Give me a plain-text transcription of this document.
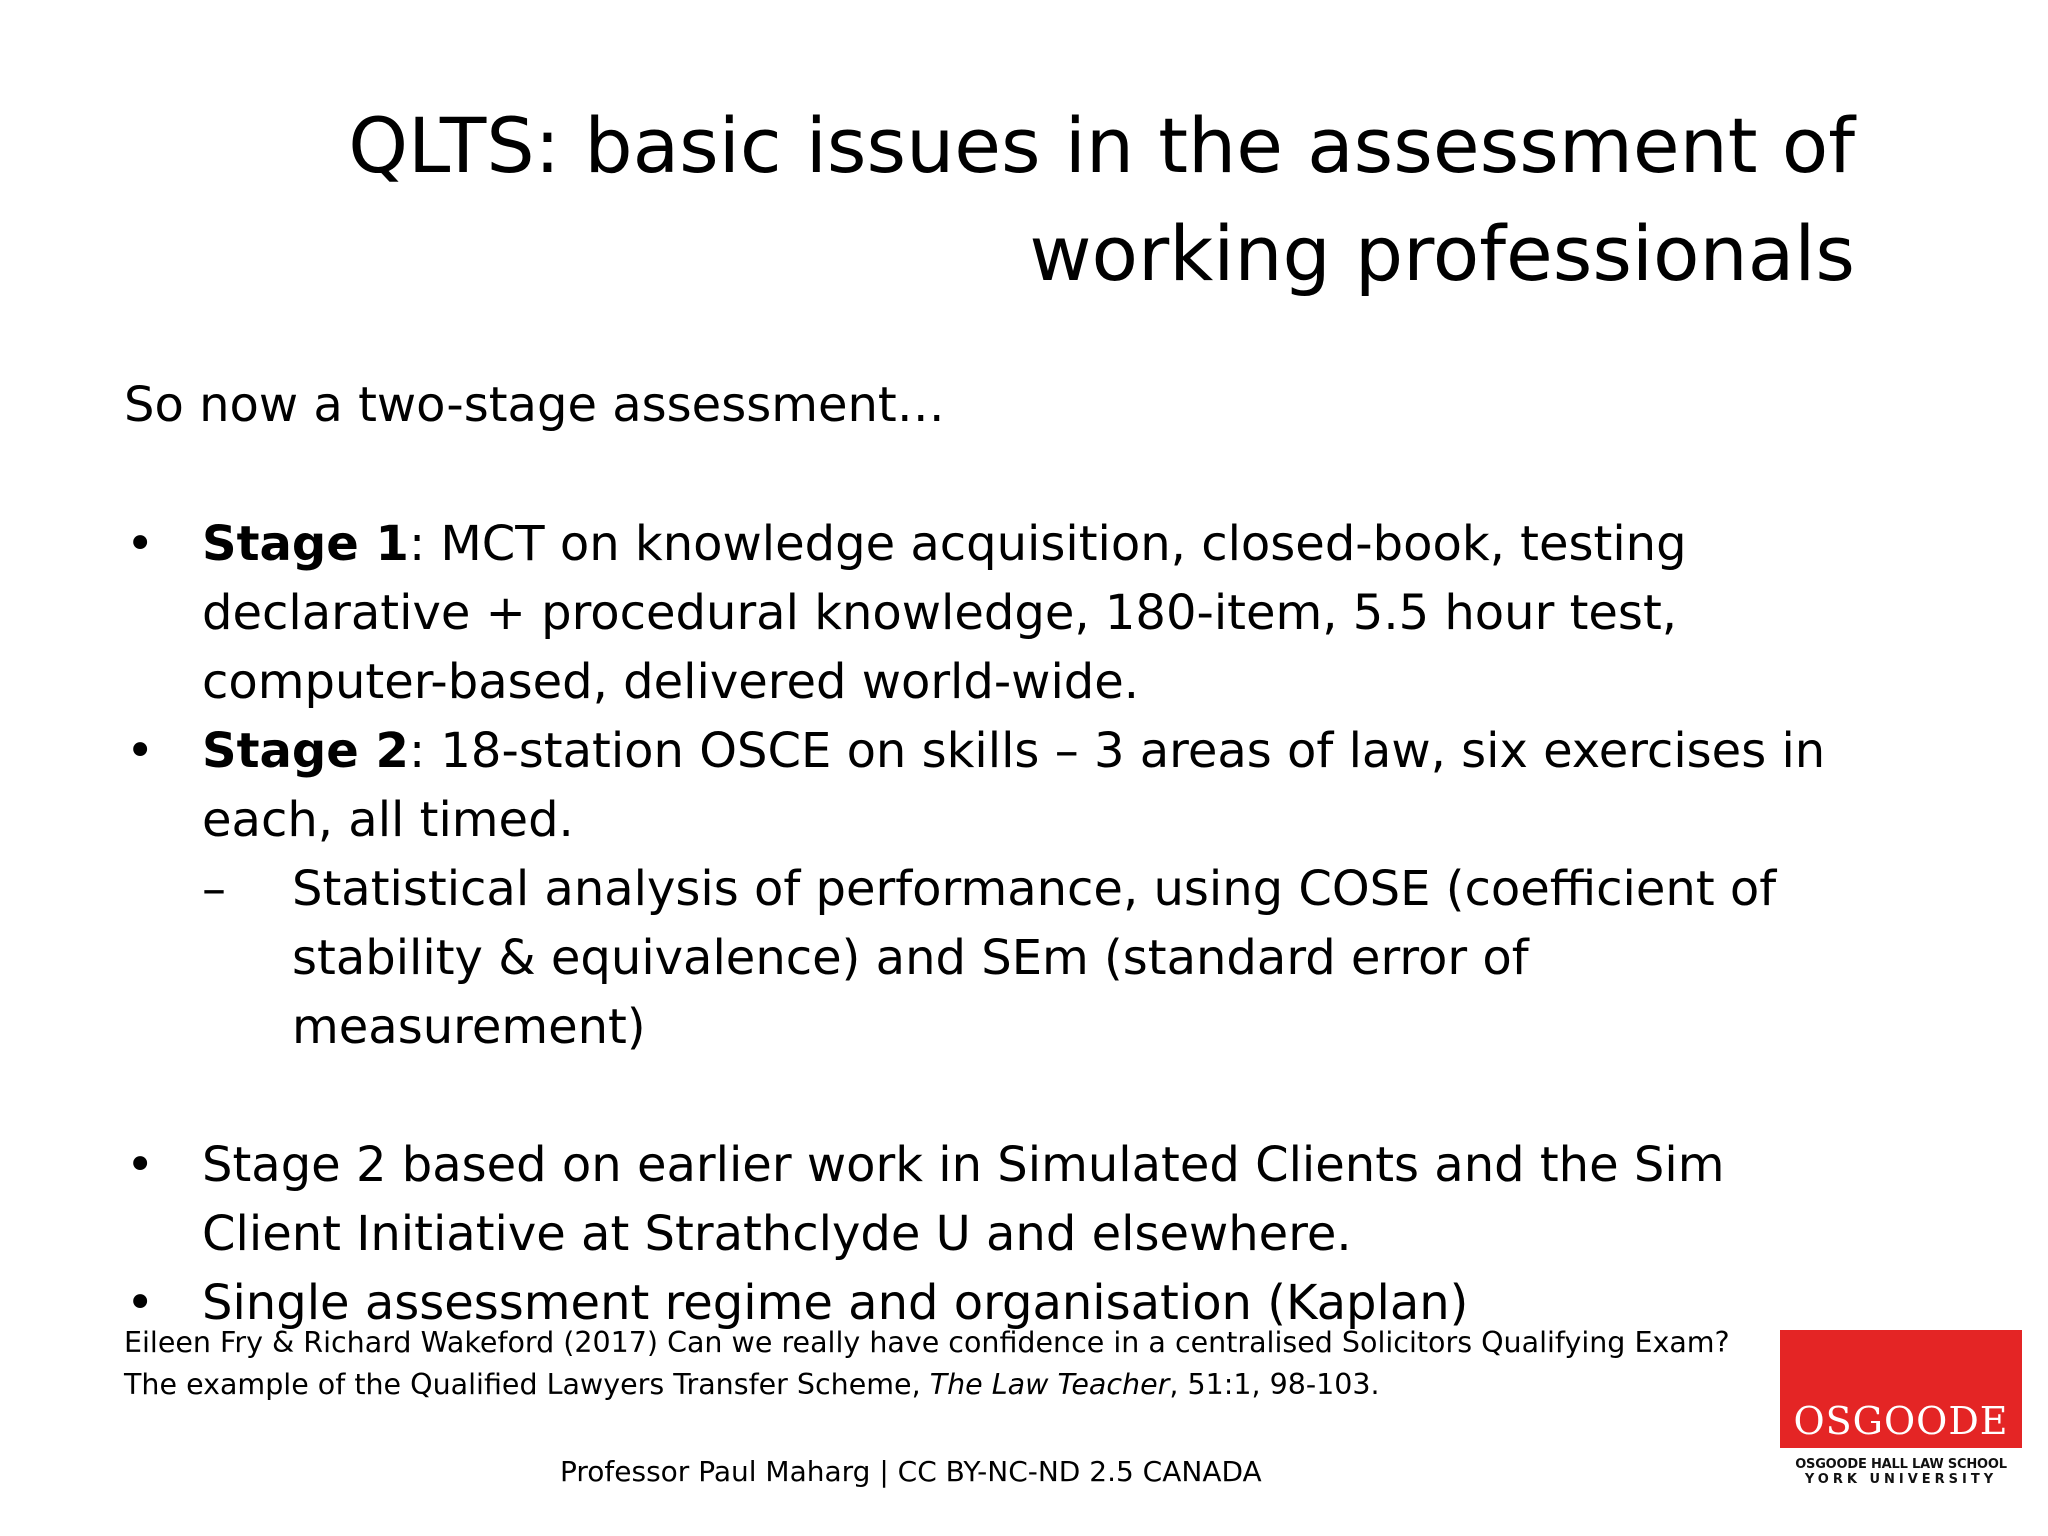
QLTS: basic issues in the assessment of
working professionals

So now a two-stage assessment…

• Stage 1: MCT on knowledge acquisition, closed-book, testing declarative + procedural knowledge, 180-item, 5.5 hour test, computer-based, delivered world-wide.
• Stage 2: 18-station OSCE on skills – 3 areas of law, six exercises in each, all timed.
–	Statistical analysis of performance, using COSE (coefficient of stability & equivalence) and SEm (standard error of measurement)
• Stage 2 based on earlier work in Simulated Clients and the Sim Client Initiative at Strathclyde U and elsewhere.
• Single assessment regime and organisation (Kaplan)

Eileen Fry & Richard Wakeford (2017) Can we really have confidence in a centralised Solicitors Qualifying Exam? The example of the Qualified Lawyers Transfer Scheme, The Law Teacher, 51:1, 98-103.

Professor Paul Maharg | CC BY-NC-ND 2.5 CANADA
OSGOODE
OSGOODE HALL LAW SCHOOL
YORK UNIVERSITY
